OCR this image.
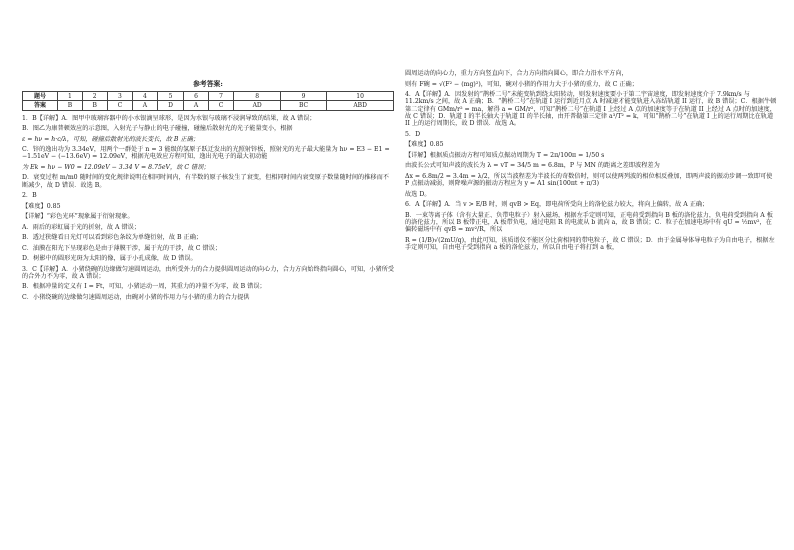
参考答案:
题号	1	2	3	4	5	6	7	8	9	10
答案	B	B	C	A	D	A	C	AD	BC	ABD

1．B【详解】A．图甲中玻璃容器中的小水银滴呈球形，是因为水银与玻璃不浸润导致的结果，故 A 错误；

B．图乙为康普顿效应的示意图，入射光子与静止的电子碰撞，碰撞后散射光的光子能量变小，根据

ε = hν = h·c/λ，可知，碰撞后散射光的波长变长，故 B 正确；

C．锌的逸出功为 3.34eV，用两个一群处于 n = 3 能级的氢原子跃迁发出的光照射锌板，照射光的光子最大能量为 hν = E3 − E1 = −1.51eV − (−13.6eV) = 12.09eV，根据光电效应方程可知，逸出光电子的最大初动能

为 Ek = hν − W0 = 12.09eV − 3.34 V = 8.75eV，故 C 错误；

D．衰变过程 m/m0 随时间的变化规律说明在相同时间内，有半数的原子核发生了衰变，但相同时间内衰变原子数量随时间的推移而不断减少，故 D 错误．故选 B。

2．B

【难度】0.85

【详解】“彩色光环”现象属于衍射现象。

A．雨后的彩虹属于光的折射，故 A 错误；

B．透过狭缝看日光灯可以看到彩色条纹为单缝衍射，故 B 正确；

C．油膜在阳光下呈现彩色是由于薄膜干涉，属于光的干涉，故 C 错误；

D．树影中的圆形光斑为太阳的像，属于小孔成像，故 D 错误。

3．C【详解】A．小猪绕碗的边缘做匀速圆周运动，由所受外力的合力提供圆周运动的向心力，合力方向始终指向圆心，可知，小猪所受的合外力不为零，故 A 错误；

B．根据冲量的定义有 I = Ft，可知，小猪运动一周，其重力的冲量不为零，故 B 错误；

C．小猪绕碗的边缘做匀速圆周运动，由碗对小猪的作用力与小猪的重力的合力提供

圆周运动的向心力，重力方向竖直向下，合力方向指向圆心，即合力沿水平方向，

则有 F碗 = √(F² − (mg)²)，可知，碗对小猪的作用力大于小猪的重力，故 C 正确；

4．A【详解】A．因发射的“鹊桥二号”未能变轨到绕太阳转动，则发射速度要小于第二宇宙速度，即发射速度介于 7.9km/s 与 11.2km/s 之间，故 A 正确；B．“鹊桥二号”在轨道 I 运行到近月点 A 时减速才能变轨进入冻结轨道 II 运行，故 B 错误；C．根据牛顿第二定律有 GMm/r² = ma，解得 a = GM/r²，可知“鹊桥二号”在轨道 I 上经过 A 点的加速度等于在轨道 II 上经过 A 点时的加速度，故 C 错误；D．轨道 I 的半长轴大于轨道 II 的半长轴，由开普勒第三定律 a³/T² = k，可知“鹊桥二号”在轨道 I 上的运行周期比在轨道 II 上的运行周期长，故 D 错误．故选 A。

5．D

【难度】0.85

【详解】根据质点振动方程可知质点振动周期为 T = 2π/100π = 1/50 s

由波长公式可知声波的波长为 λ = vT = 34/5 m = 6.8m，P 与 MN 的距离之差即波程差为

Δx = 6.8m/2 = 3.4m = λ/2，所以当波程差为半波长的奇数倍时，则可以使两列波的相位相反叠加，即两声波的振动步调一致即可使 P 点振动减弱，则降噪声源的振动方程应为 y = A1 sin(100πt + π/3)

故选 D。

6．A【详解】A．当 v > E/B 时，则 qvB > Eq，即电荷所受向上的洛伦兹力较大，将向上偏转，故 A 正确；

B．一束等离子体（含有大量正、负带电粒子）射入磁场，根据左手定则可知，正电荷受到指向 B 板的洛伦兹力，负电荷受到指向 A 板的洛伦兹力，所以 B 板带正电，A 板带负电，通过电阻 R 的电流从 b 流向 a，故 B 错误；C．粒子在加速电场中有 qU = ½mv²，在偏转磁场中有 qvB = mv²/R，所以

R = (1/B)√(2mU/q)，由此可知，该质谱仪不能区分比荷相同的带电粒子，故 C 错误；D．由于金属导体导电粒子为自由电子，根据左手定则可知，自由电子受到指向 a 板的洛伦兹力，所以自由电子将打到 a 板，
